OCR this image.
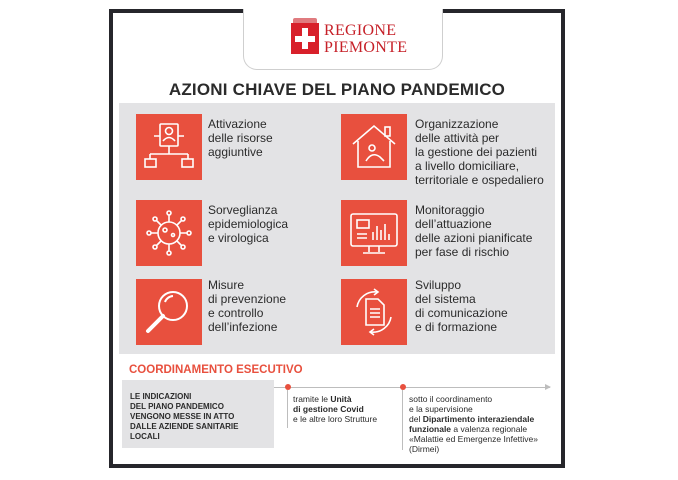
REGIONE
PIEMONTE
AZIONI CHIAVE DEL PIANO PANDEMICO
Attivazione
delle risorse
aggiuntive
Organizzazione
delle attività per
la gestione dei pazienti
a livello domiciliare,
territoriale e ospedaliero
Sorveglianza
epidemiologica
e virologica
Monitoraggio
dell’attuazione
delle azioni pianificate
per fase di rischio
Misure
di prevenzione
e controllo
dell’infezione
Sviluppo
del sistema
di comunicazione
e di formazione
COORDINAMENTO ESECUTIVO
LE INDICAZIONI
DEL PIANO PANDEMICO
VENGONO MESSE IN ATTO
DALLE AZIENDE SANITARIE
LOCALI
tramite le Unità
di gestione Covid
e le altre loro Strutture
sotto il coordinamento
e la supervisione
del Dipartimento interaziendale
funzionale a valenza regionale
«Malattie ed Emergenze Infettive»
(Dirmei)
